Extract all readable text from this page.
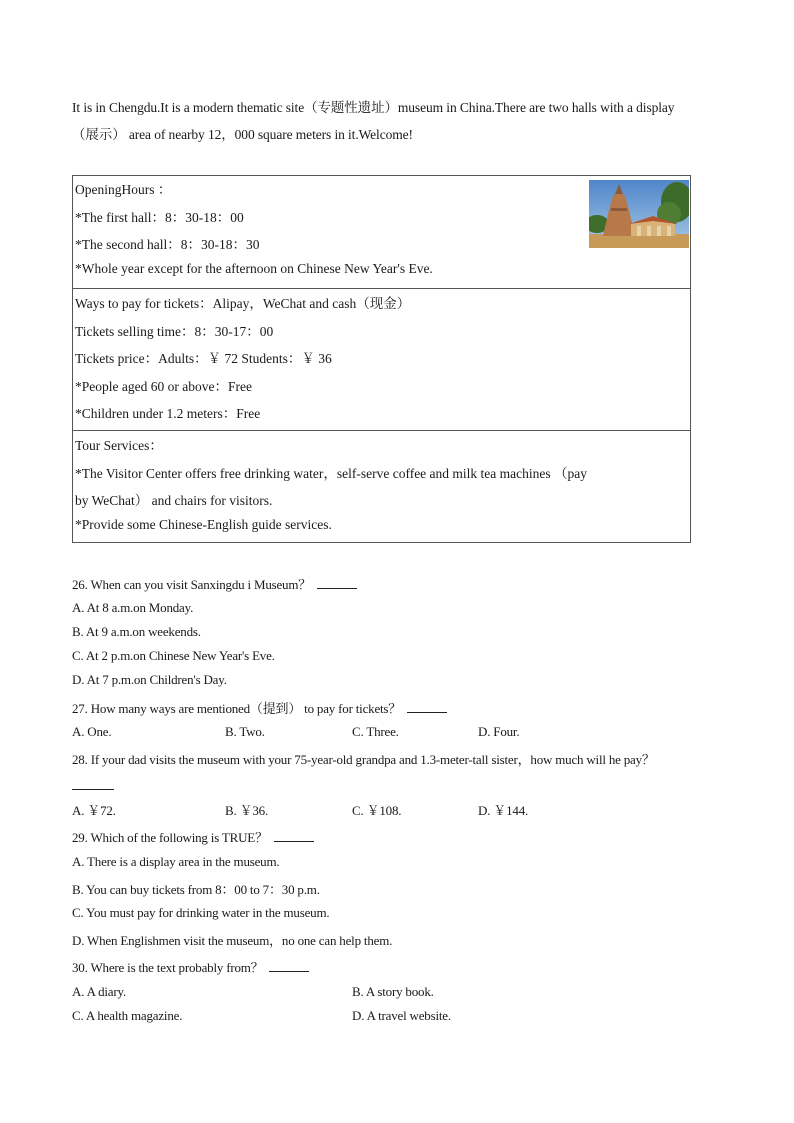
It is in Chengdu.It is a modern thematic site（专题性遗址）museum in China.There are two halls with a display
（展示） area of nearby 12，000 square meters in it.Welcome!
OpeningHours ：
*The first hall：8：30-18：00
*The second hall：8：30-18：30
*Whole year except for the afternoon on Chinese New Year's Eve.
Ways to pay for tickets：Alipay，WeChat and cash（现金）
Tickets selling time：8：30-17：00
Tickets price：Adults：￥ 72 Students：￥ 36
*People aged 60 or above：Free
*Children under 1.2 meters：Free
Tour Services：
*The Visitor Center offers free drinking water，self-serve coffee and milk tea machines （pay
by WeChat） and chairs for visitors.
*Provide some Chinese-English guide services.
26. When can you visit Sanxingdu i Museum？
A. At 8 a.m.on Monday.
B. At 9 a.m.on weekends.
C. At 2 p.m.on Chinese New Year's Eve.
D. At 7 p.m.on Children's Day.
27. How many ways are mentioned（提到） to pay for tickets？
A. One.	B. Two.	C. Three.	D. Four.
28. If your dad visits the museum with your 75-year-old grandpa and 1.3-meter-tall sister，how much will he pay？
A. ￥72.	B. ￥36.	C. ￥108.	D. ￥144.
29. Which of the following is TRUE？
A. There is a display area in the museum.
B. You can buy tickets from 8：00 to 7：30 p.m.
C. You must pay for drinking water in the museum.
D. When Englishmen visit the museum，no one can help them.
30. Where is the text probably from？
A. A diary.	B. A story book.
C. A health magazine.	D. A travel website.
